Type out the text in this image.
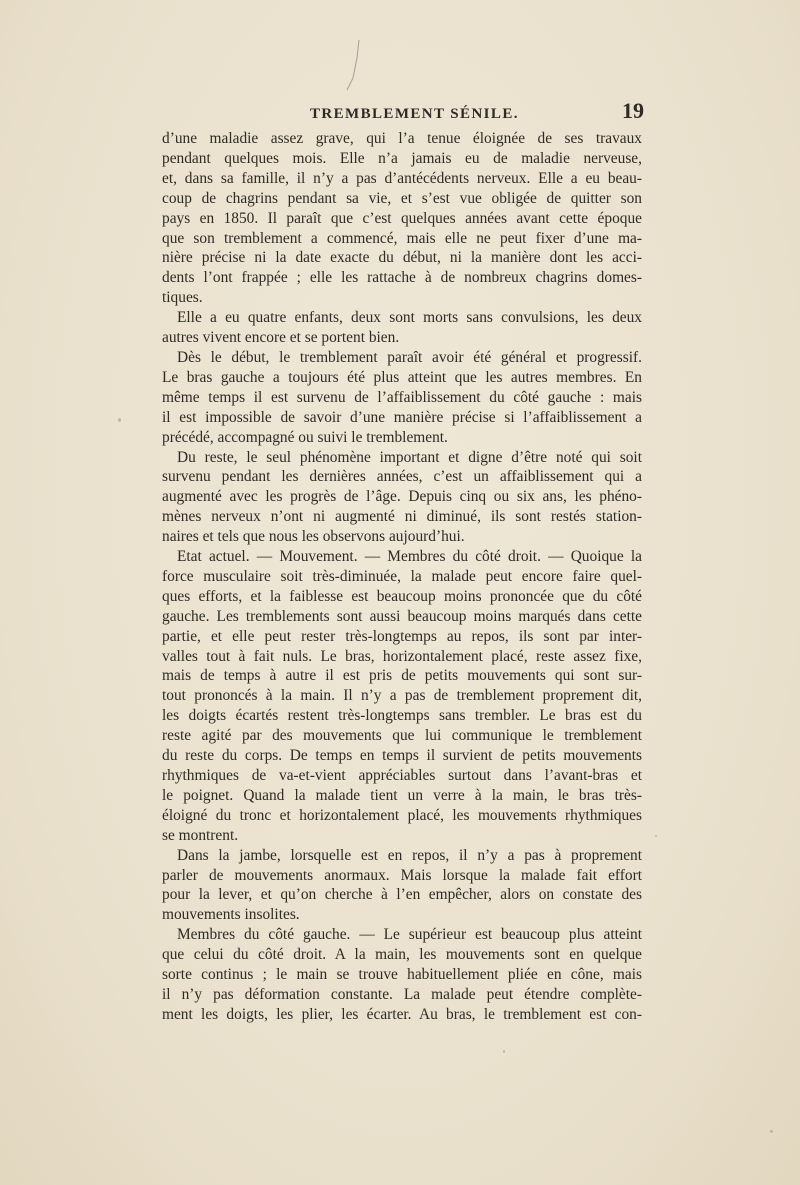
TREMBLEMENT SÉNILE.	19
d’une maladie assez grave, qui l’a tenue éloignée de ses travaux
pendant quelques mois. Elle n’a jamais eu de maladie nerveuse,
et, dans sa famille, il n’y a pas d’antécédents nerveux. Elle a eu beau-
coup de chagrins pendant sa vie, et s’est vue obligée de quitter son
pays en 1850. Il paraît que c’est quelques années avant cette époque
que son tremblement a commencé, mais elle ne peut fixer d’une ma-
nière précise ni la date exacte du début, ni la manière dont les acci-
dents l’ont frappée ; elle les rattache à de nombreux chagrins domes-
tiques.
Elle a eu quatre enfants, deux sont morts sans convulsions, les deux
autres vivent encore et se portent bien.
Dès le début, le tremblement paraît avoir été général et progressif.
Le bras gauche a toujours été plus atteint que les autres membres. En
même temps il est survenu de l’affaiblissement du côté gauche : mais
il est impossible de savoir d’une manière précise si l’affaiblissement a
précédé, accompagné ou suivi le tremblement.
Du reste, le seul phénomène important et digne d’être noté qui soit
survenu pendant les dernières années, c’est un affaiblissement qui a
augmenté avec les progrès de l’âge. Depuis cinq ou six ans, les phéno-
mènes nerveux n’ont ni augmenté ni diminué, ils sont restés station-
naires et tels que nous les observons aujourd’hui.
Etat actuel. — Mouvement. — Membres du côté droit. — Quoique la
force musculaire soit très-diminuée, la malade peut encore faire quel-
ques efforts, et la faiblesse est beaucoup moins prononcée que du côté
gauche. Les tremblements sont aussi beaucoup moins marqués dans cette
partie, et elle peut rester très-longtemps au repos, ils sont par inter-
valles tout à fait nuls. Le bras, horizontalement placé, reste assez fixe,
mais de temps à autre il est pris de petits mouvements qui sont sur-
tout prononcés à la main. Il n’y a pas de tremblement proprement dit,
les doigts écartés restent très-longtemps sans trembler. Le bras est du
reste agité par des mouvements que lui communique le tremblement
du reste du corps. De temps en temps il survient de petits mouvements
rhythmiques de va-et-vient appréciables surtout dans l’avant-bras et
le poignet. Quand la malade tient un verre à la main, le bras très-
éloigné du tronc et horizontalement placé, les mouvements rhythmiques
se montrent.
Dans la jambe, lorsquelle est en repos, il n’y a pas à proprement
parler de mouvements anormaux. Mais lorsque la malade fait effort
pour la lever, et qu’on cherche à l’en empêcher, alors on constate des
mouvements insolites.
Membres du côté gauche. — Le supérieur est beaucoup plus atteint
que celui du côté droit. A la main, les mouvements sont en quelque
sorte continus ; le main se trouve habituellement pliée en cône, mais
il n’y pas déformation constante. La malade peut étendre complète-
ment les doigts, les plier, les écarter. Au bras, le tremblement est con-
